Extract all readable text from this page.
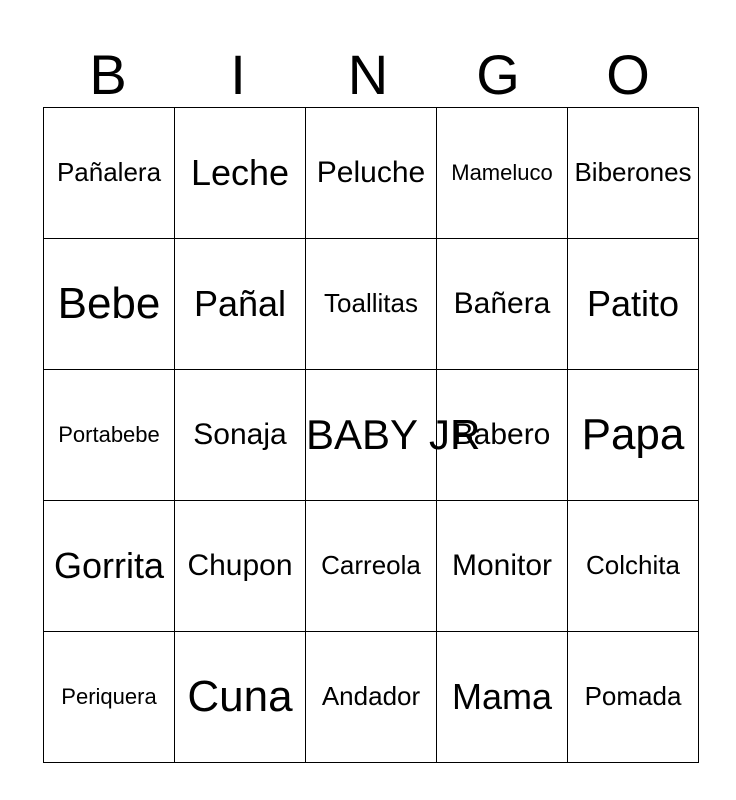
B	I	N	G	O
Pañalera	Leche	Peluche	Mameluco	Biberones
Bebe	Pañal	Toallitas	Bañera	Patito
Portabebe	Sonaja	BABY JR	Babero	Papa
Gorrita	Chupon	Carreola	Monitor	Colchita
Periquera	Cuna	Andador	Mama	Pomada
